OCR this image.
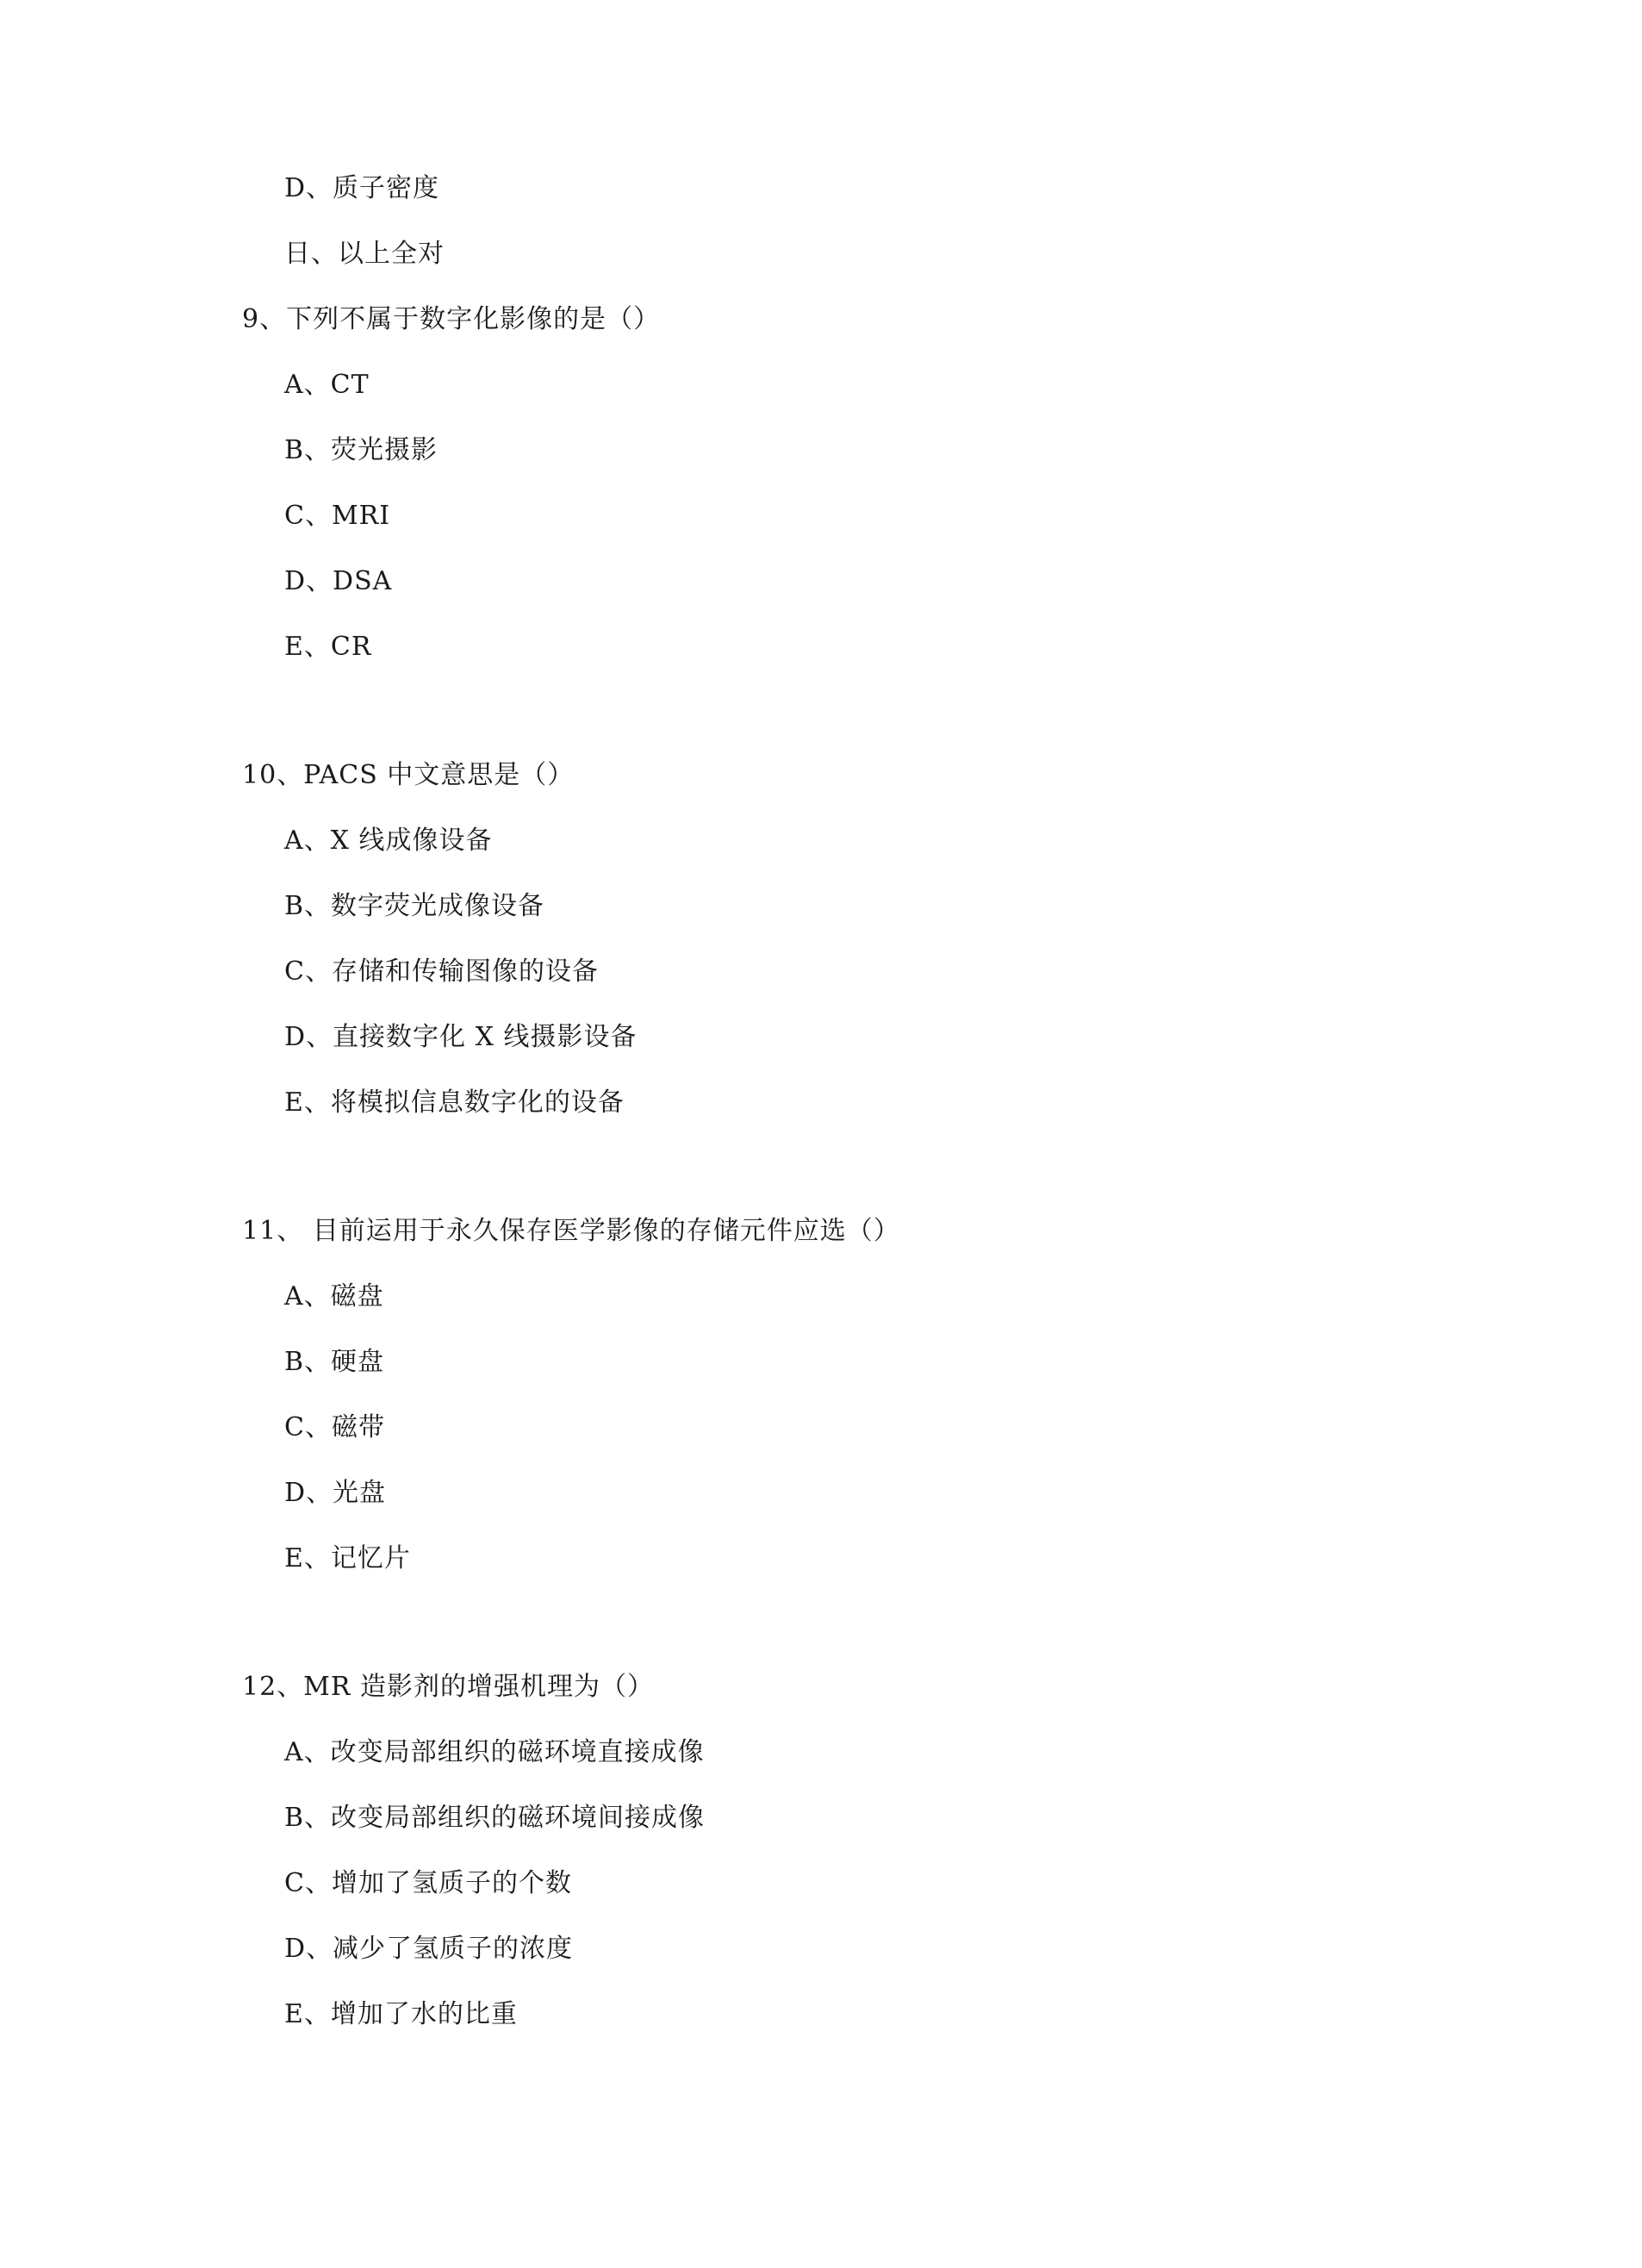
D、质子密度
日、以上全对
9、下列不属于数字化影像的是（）
A、CT
B、荧光摄影
C、MRI
D、DSA
E、CR
10、PACS 中文意思是（）
A、X 线成像设备
B、数字荧光成像设备
C、存储和传输图像的设备
D、直接数字化 X 线摄影设备
E、将模拟信息数字化的设备
11、 目前运用于永久保存医学影像的存储元件应选（）
A、磁盘
B、硬盘
C、磁带
D、光盘
E、记忆片
12、MR 造影剂的增强机理为（）
A、改变局部组织的磁环境直接成像
B、改变局部组织的磁环境间接成像
C、增加了氢质子的个数
D、减少了氢质子的浓度
E、增加了水的比重
